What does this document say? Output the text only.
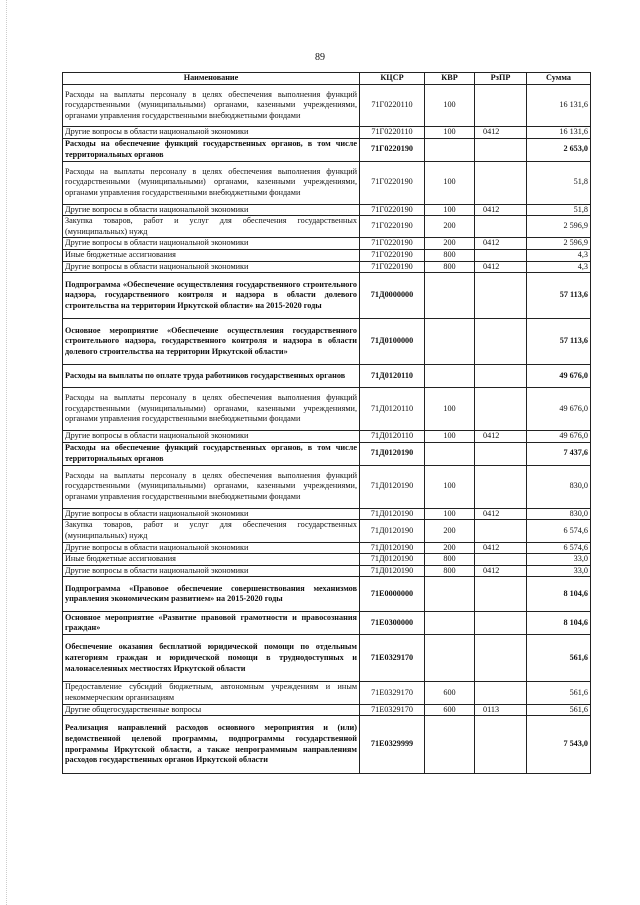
89
Наименование	КЦСР	КВР	РзПР	Сумма
Расходы на выплаты персоналу в целях обеспечения выполнения функций государственными (муниципальными) органами, казенными учреждениями, органами управления государственными внебюджетными фондами	71Г0220110	100		16 131,6
Другие вопросы в области национальной экономики	71Г0220110	100	0412	16 131,6
Расходы на обеспечение функций государственных органов, в том числе территориальных органов	71Г0220190			2 653,0
Расходы на выплаты персоналу в целях обеспечения выполнения функций государственными (муниципальными) органами, казенными учреждениями, органами управления государственными внебюджетными фондами	71Г0220190	100		51,8
Другие вопросы в области национальной экономики	71Г0220190	100	0412	51,8
Закупка товаров, работ и услуг для обеспечения государственных (муниципальных) нужд	71Г0220190	200		2 596,9
Другие вопросы в области национальной экономики	71Г0220190	200	0412	2 596,9
Иные бюджетные ассигнования	71Г0220190	800		4,3
Другие вопросы в области национальной экономики	71Г0220190	800	0412	4,3
Подпрограмма «Обеспечение осуществления государственного строительного надзора, государственного контроля и надзора в области долевого строительства на территории Иркутской области» на 2015-2020 годы	71Д0000000			57 113,6
Основное мероприятие «Обеспечение осуществления государственного строительного надзора, государственного контроля и надзора в области долевого строительства на территории Иркутской области»	71Д0100000			57 113,6
Расходы на выплаты по оплате труда работников государственных органов	71Д0120110			49 676,0
Расходы на выплаты персоналу в целях обеспечения выполнения функций государственными (муниципальными) органами, казенными учреждениями, органами управления государственными внебюджетными фондами	71Д0120110	100		49 676,0
Другие вопросы в области национальной экономики	71Д0120110	100	0412	49 676,0
Расходы на обеспечение функций государственных органов, в том числе территориальных органов	71Д0120190			7 437,6
Расходы на выплаты персоналу в целях обеспечения выполнения функций государственными (муниципальными) органами, казенными учреждениями, органами управления государственными внебюджетными фондами	71Д0120190	100		830,0
Другие вопросы в области национальной экономики	71Д0120190	100	0412	830,0
Закупка товаров, работ и услуг для обеспечения государственных (муниципальных) нужд	71Д0120190	200		6 574,6
Другие вопросы в области национальной экономики	71Д0120190	200	0412	6 574,6
Иные бюджетные ассигнования	71Д0120190	800		33,0
Другие вопросы в области национальной экономики	71Д0120190	800	0412	33,0
Подпрограмма «Правовое обеспечение совершенствования механизмов управления экономическим развитием» на 2015-2020 годы	71Е0000000			8 104,6
Основное мероприятие «Развитие правовой грамотности и правосознания граждан»	71Е0300000			8 104,6
Обеспечение оказания бесплатной юридической помощи по отдельным категориям граждан и юридической помощи в труднодоступных и малонаселенных местностях Иркутской области	71Е0329170			561,6
Предоставление субсидий бюджетным, автономным учреждениям и иным некоммерческим организациям	71Е0329170	600		561,6
Другие общегосударственные вопросы	71Е0329170	600	0113	561,6
Реализация направлений расходов основного мероприятия и (или) ведомственной целевой программы, подпрограммы государственной программы Иркутской области, а также непрограммным направлениям расходов государственных органов Иркутской области	71Е0329999			7 543,0
